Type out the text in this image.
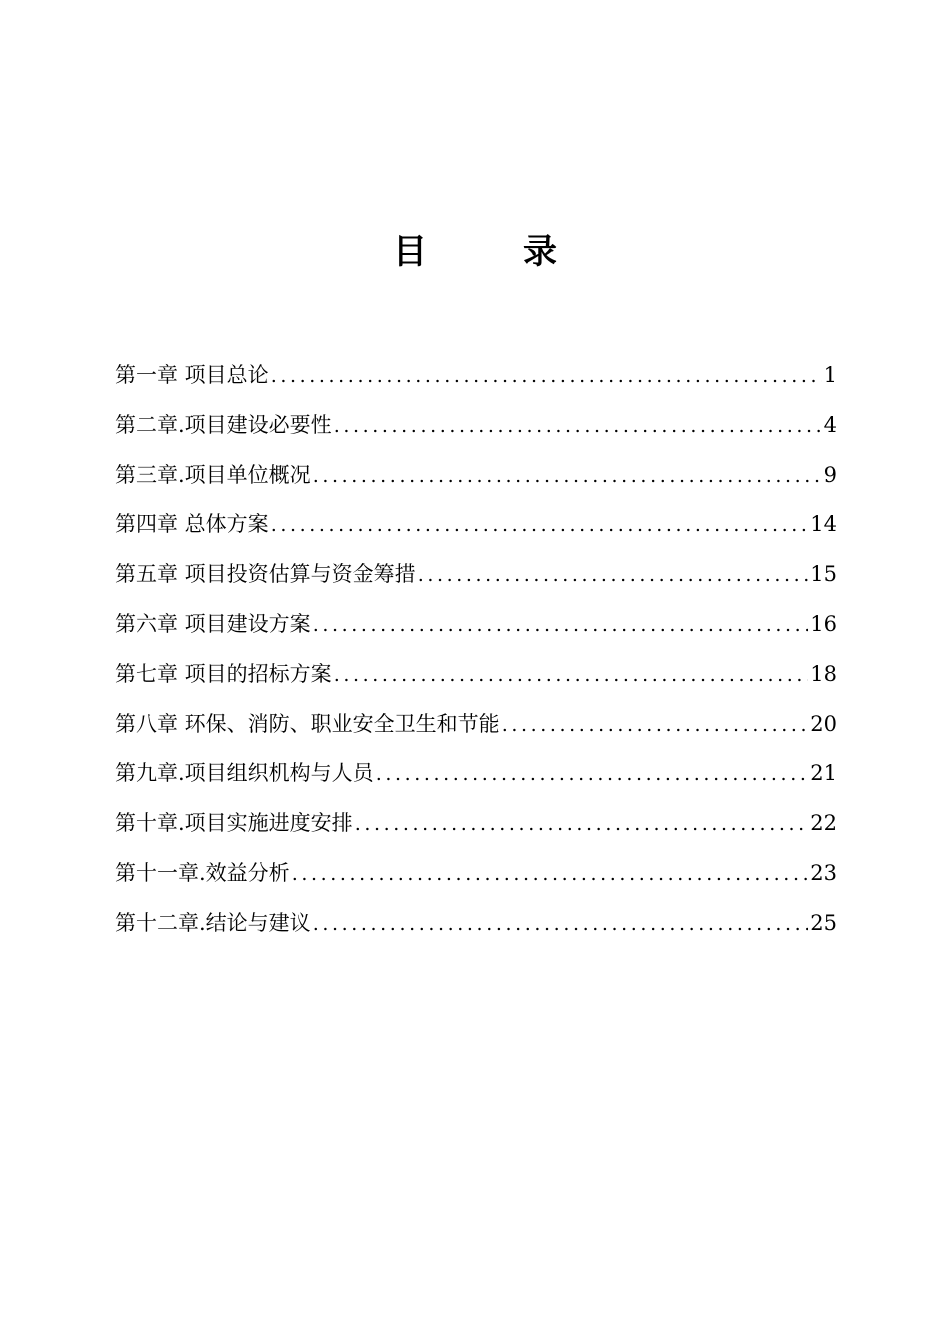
目	录
第一章 项目总论 .....	1
第二章.项目建设必要性 .....	4
第三章.项目单位概况 .....	9
第四章 总体方案 .....	14
第五章 项目投资估算与资金筹措 .....	15
第六章 项目建设方案 .....	16
第七章 项目的招标方案 .....	18
第八章 环保、消防、职业安全卫生和节能 .....	20
第九章.项目组织机构与人员 .....	21
第十章.项目实施进度安排 .....	22
第十一章.效益分析 .....	23
第十二章.结论与建议 .....	25
